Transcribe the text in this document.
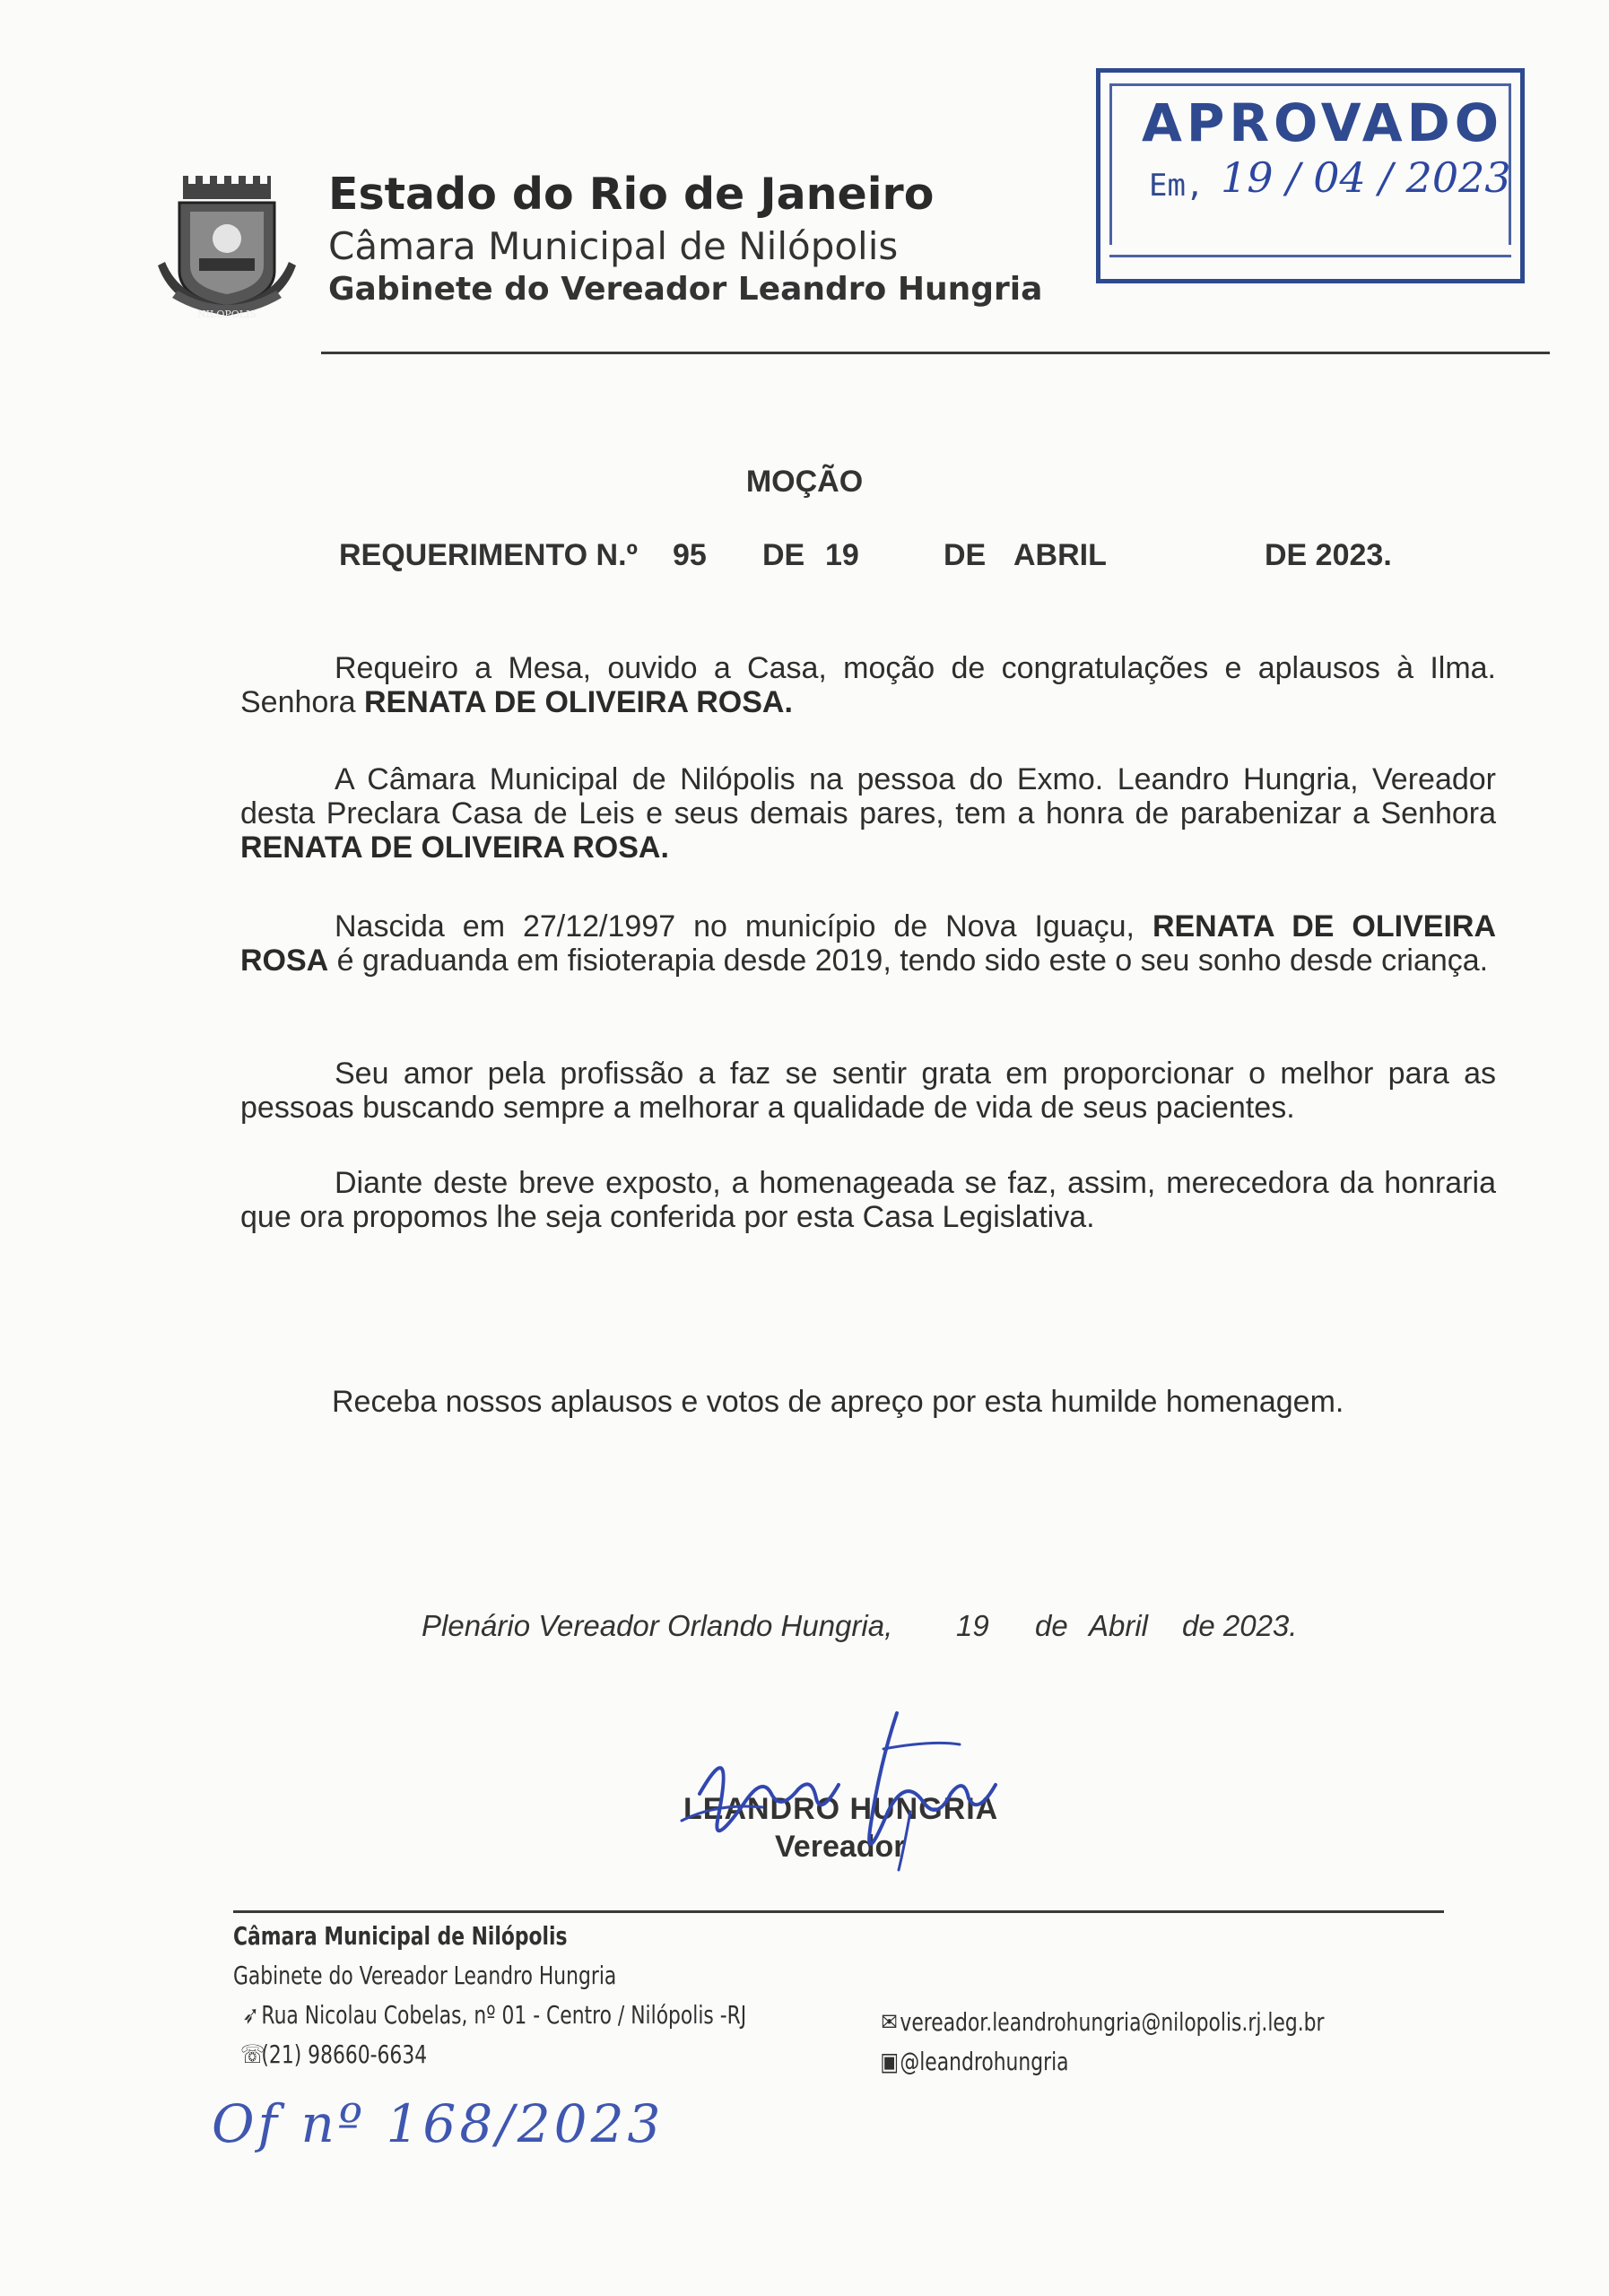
NILOPOLIS
Estado do Rio de Janeiro
Câmara Municipal de Nilópolis
Gabinete do Vereador Leandro Hungria
APROVADO
Em, 19 / 04 / 2023
MOÇÃO
REQUERIMENTO N.º 95 DE 19	DE ABRIL	DE 2023.
Requeiro a Mesa, ouvido a Casa, moção de congratulações e aplausos à Ilma. Senhora RENATA DE OLIVEIRA ROSA.
A Câmara Municipal de Nilópolis na pessoa do Exmo. Leandro Hungria, Vereador desta Preclara Casa de Leis e seus demais pares, tem a honra de parabenizar a Senhora RENATA DE OLIVEIRA ROSA.
Nascida em 27/12/1997 no município de Nova Iguaçu, RENATA DE OLIVEIRA ROSA é graduanda em fisioterapia desde 2019, tendo sido este o seu sonho desde criança.
Seu amor pela profissão a faz se sentir grata em proporcionar o melhor para as pessoas buscando sempre a melhorar a qualidade de vida de seus pacientes.
Diante deste breve exposto, a homenageada se faz, assim, merecedora da honraria que ora propomos lhe seja conferida por esta Casa Legislativa.
Receba nossos aplausos e votos de apreço por esta humilde homenagem.
Plenário Vereador Orlando Hungria, 19 de Abril de 2023.
LEANDRO HUNGRIA
Vereador
Câmara Municipal de Nilópolis
Gabinete do Vereador Leandro Hungria
➶Rua Nicolau Cobelas, nº 01 - Centro / Nilópolis -RJ
☏(21) 98660-6634
✉vereador.leandrohungria@nilopolis.rj.leg.br
▣@leandrohungria
Of nº 168/2023
